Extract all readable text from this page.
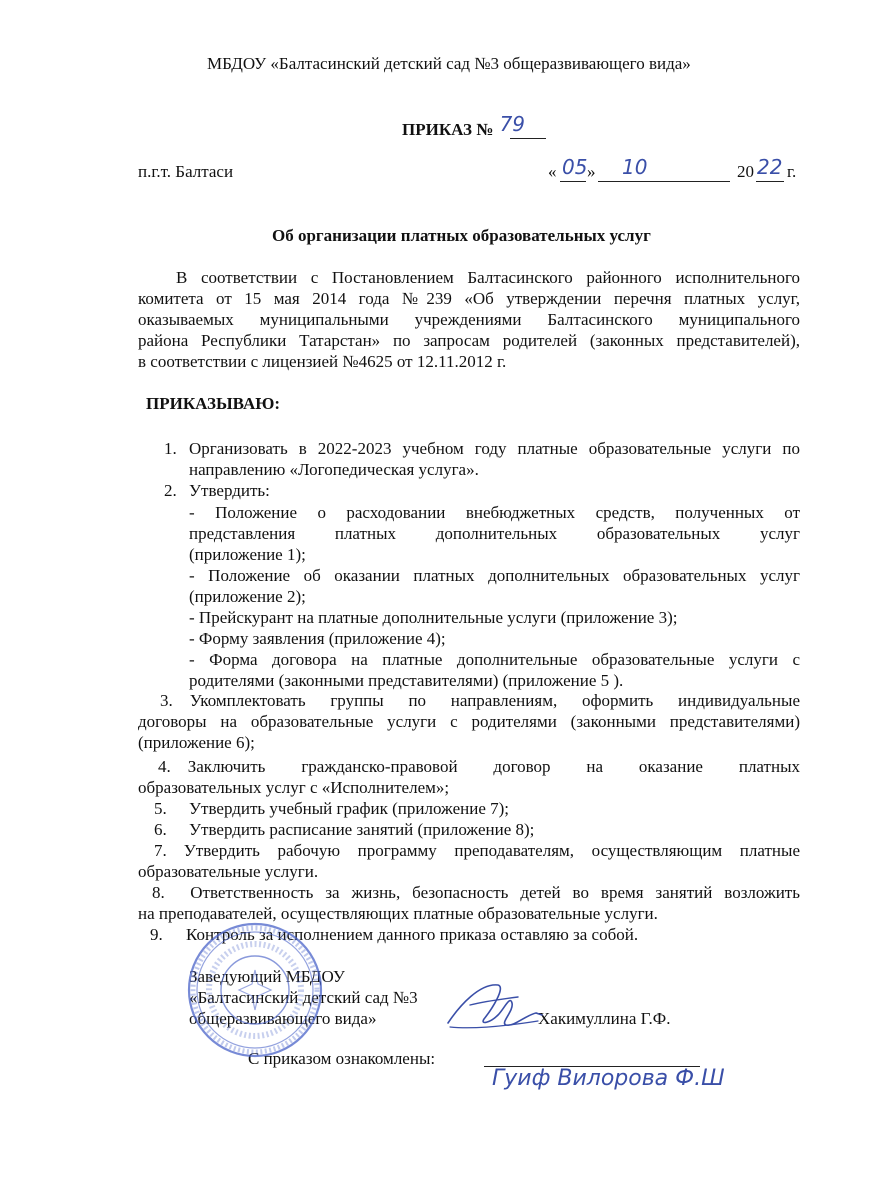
МБДОУ «Балтасинский детский сад №3 общеразвивающего вида»
ПРИКАЗ № 79
п.г.т. Балтаси	« 05 » 10	20 22 г.
Об организации платных образовательных услуг
В соответствии с Постановлением Балтасинского районного исполнительного
комитета от 15 мая 2014 года №239 «Об утверждении перечня платных услуг,
оказываемых муниципальными учреждениями Балтасинского муниципального
района Республики Татарстан» по запросам родителей (законных представителей),
в соответствии с лицензией №4625 от 12.11.2012 г.
ПРИКАЗЫВАЮ:
1. Организовать в 2022-2023 учебном году платные образовательные услуги по
направлению «Логопедическая услуга».
2. Утвердить:
- Положение о расходовании внебюджетных средств, полученных от
представления платных дополнительных образовательных услуг
(приложение 1);
- Положение об оказании платных дополнительных образовательных услуг
(приложение 2);
- Прейскурант на платные дополнительные услуги (приложение 3);
- Форму заявления (приложение 4);
- Форма договора на платные дополнительные образовательные услуги с
родителями (законными представителями) (приложение 5 ).
3.  Укомплектовать группы по направлениям, оформить индивидуальные
договоры на образовательные услуги с родителями (законными представителями)
(приложение 6);
4.  Заключить гражданско-правовой договор на оказание платных
образовательных услуг с «Исполнителем»;
5. Утвердить учебный график (приложение 7);
6. Утвердить расписание занятий (приложение 8);
7.  Утвердить рабочую программу преподавателям, осуществляющим платные
образовательные услуги.
8.   Ответственность за жизнь, безопасность детей во время занятий возложить
на преподавателей, осуществляющих платные образовательные услуги.
9. Контроль за исполнением данного приказа оставляю за собой.
Заведующий МБДОУ
«Балтасинский детский сад №3
общеразвивающего вида»	Хакимуллина Г.Ф.
С приказом ознакомлены:
Гуиф Вилорова Ф.Ш
